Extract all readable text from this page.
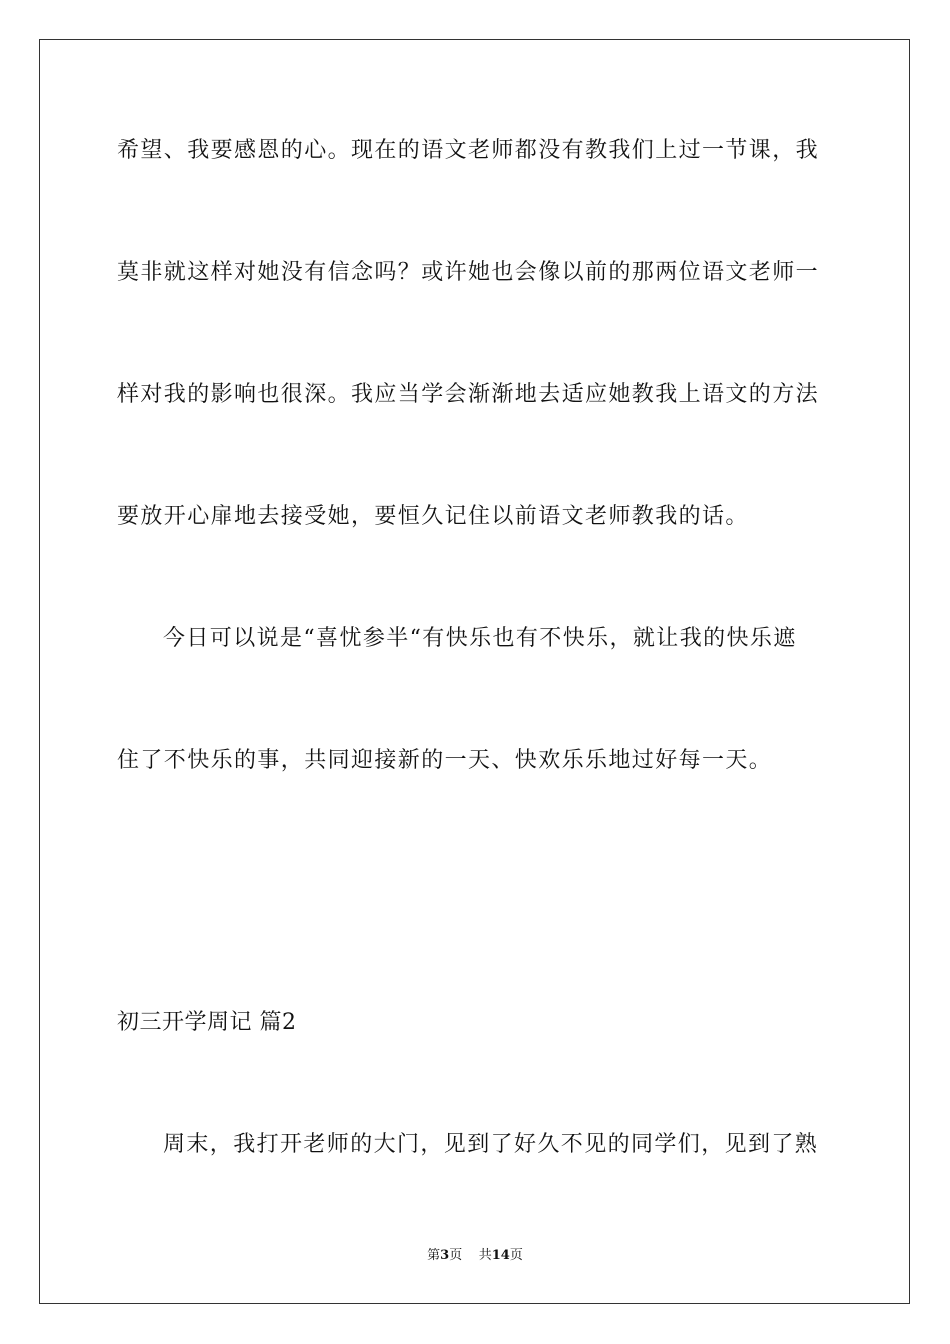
希望、我要感恩的心。现在的语文老师都没有教我们上过一节课，我
莫非就这样对她没有信念吗？或许她也会像以前的那两位语文老师一
样对我的影响也很深。我应当学会渐渐地去适应她教我上语文的方法
要放开心扉地去接受她，要恒久记住以前语文老师教我的话。
今日可以说是“喜忧参半“有快乐也有不快乐，就让我的快乐遮
住了不快乐的事，共同迎接新的一天、快欢乐乐地过好每一天。
初三开学周记 篇2
周末，我打开老师的大门，见到了好久不见的同学们，见到了熟
第3页 共14页
